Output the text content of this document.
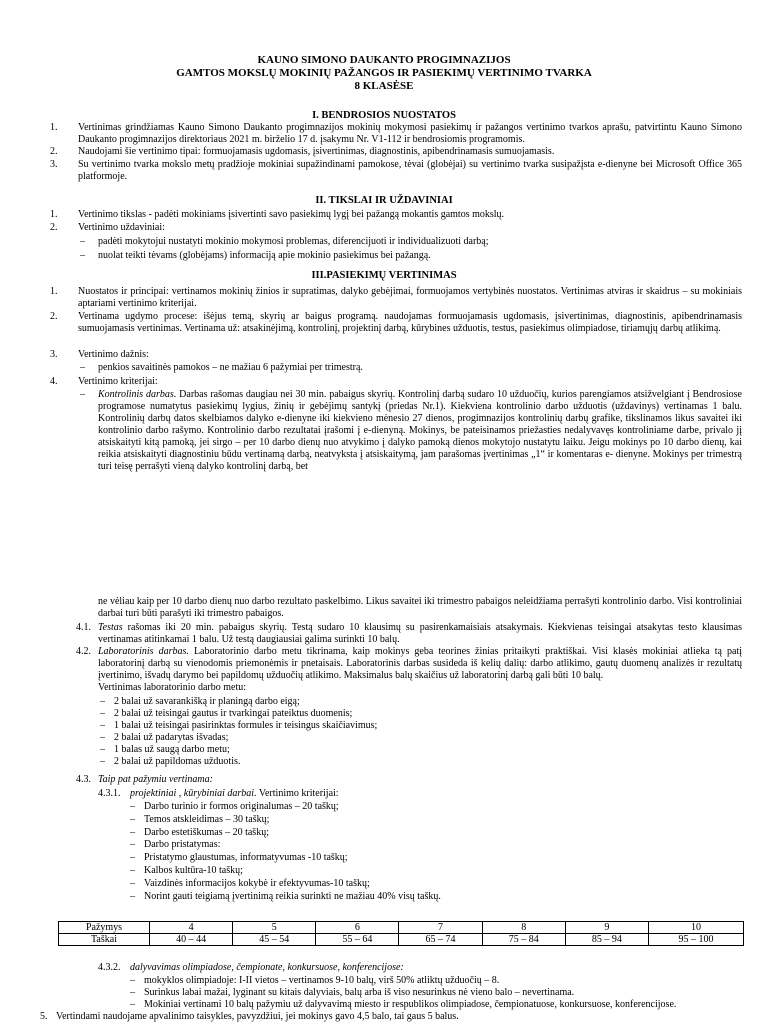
KAUNO SIMONO DAUKANTO PROGIMNAZIJOS
GAMTOS MOKSLŲ MOKINIŲ PAŽANGOS IR PASIEKIMŲ VERTINIMO TVARKA
8 KLASĖSE
I. BENDROSIOS NUOSTATOS
1.	Vertinimas grindžiamas Kauno Simono Daukanto progimnazijos mokinių mokymosi pasiekimų ir pažangos vertinimo tvarkos aprašu, patvirtintu Kauno Simono Daukanto progimnazijos direktoriaus 2021 m. birželio 17 d. įsakymu Nr. V1-112 ir bendrosiomis programomis.
2.	Naudojami šie vertinimo tipai: formuojamasis ugdomasis, įsivertinimas, diagnostinis, apibendrinamasis sumuojamasis.
3.	Su vertinimo tvarka mokslo metų pradžioje mokiniai supažindinami pamokose, tėvai (globėjai) su vertinimo tvarka susipažįsta e-dienyne bei Microsoft Office 365 platformoje.
II. TIKSLAI IR UŽDAVINIAI
1.	Vertinimo tikslas - padėti mokiniams įsivertinti savo pasiekimų lygį bei pažangą mokantis gamtos mokslų.
2.	Vertinimo uždaviniai:
–	padėti mokytojui nustatyti mokinio mokymosi problemas, diferencijuoti ir individualizuoti darbą;
–	nuolat teikti tėvams (globėjams) informaciją apie mokinio pasiekimus bei pažangą.
III.PASIEKIMŲ VERTINIMAS
1.	Nuostatos ir principai: vertinamos mokinių žinios ir supratimas, dalyko gebėjimai, formuojamos vertybinės nuostatos. Vertinimas atviras ir skaidrus – su mokiniais aptariami vertinimo kriterijai.
2.	Vertinama ugdymo procese: išėjus temą, skyrių ar baigus programą. naudojamas formuojamasis ugdomasis, įsivertinimas, diagnostinis, apibendrinamasis sumuojamasis vertinimas. Vertinama už: atsakinėjimą, kontrolinį, projektinį darbą, kūrybines užduotis, testus, pasiekimus olimpiadose, tiriamųjų darbų atlikimą.
3.	Vertinimo dažnis:
–	penkios savaitinės pamokos – ne mažiau 6 pažymiai per trimestrą.
4.	Vertinimo kriterijai:
–	Kontrolinis darbas. Darbas rašomas daugiau nei 30 min. pabaigus skyrių. Kontrolinį darbą sudaro 10 užduočių, kurios parengiamos atsižvelgiant į Bendrosiose programose numatytus pasiekimų lygius, žinių ir gebėjimų santykį (priedas Nr.1). Kiekviena kontrolinio darbo užduotis (uždavinys) vertinamas 1 balu. Kontrolinių darbų datos skelbiamos dalyko e-dienyne iki kiekvieno mėnesio 27 dienos, progimnazijos kontrolinių darbų grafike, tikslinamos likus savaitei iki kontrolinio darbo rašymo. Kontrolinio darbo rezultatai įrašomi į e-dienyną. Mokinys, be pateisinamos priežasties nedalyvavęs kontroliniame darbe, privalo jį atsiskaityti kitą pamoką, jei sirgo – per 10 darbo dienų nuo atvykimo į dalyko pamoką dienos mokytojo nustatytu laiku. Jeigu mokinys po 10 darbo dienų, kai reikia atsiskaityti diagnostiniu būdu vertinamą darbą, neatvyksta į atsiskaitymą, jam parašomas įvertinimas „1“ ir komentaras e- dienyne. Mokinys per trimestrą turi teisę perrašyti vieną dalyko kontrolinį darbą, bet
ne vėliau kaip per 10 darbo dienų nuo darbo rezultato paskelbimo. Likus savaitei iki trimestro pabaigos neleidžiama perrašyti kontrolinio darbo. Visi kontroliniai darbai turi būti parašyti iki trimestro pabaigos.
4.1. Testas rašomas iki 20 min. pabaigus skyrių. Testą sudaro 10 klausimų su pasirenkamaisiais atsakymais. Kiekvienas teisingai atsakytas testo klausimas vertinamas atitinkamai 1 balu. Už testą daugiausiai galima surinkti 10 balų.
4.2. Laboratorinis darbas. Laboratorinio darbo metu tikrinama, kaip mokinys geba teorines žinias pritaikyti praktiškai. Visi klasės mokiniai atlieka tą patį laboratorinį darbą su vienodomis priemonėmis ir pnetaisais. Laboratorinis darbas susideda iš kelių dalių: darbo atlikimo, gautų duomenų analizės ir rezultatų įvertinimo, išvadų darymo bei papildomų užduočių atlikimo. Maksimalus balų skaičius už laboratorinį darbą gali būti 10 balų.
Vertinimas laboratorinio darbo metu:
– 2 balai už savarankišką ir planingą darbo eigą;
– 2 balai už teisingai gautus ir tvarkingai pateiktus duomenis;
– 1 balai už teisingai pasirinktas formules ir teisingus skaičiavimus;
– 2 balai už padarytas išvadas;
– 1 balas už saugą darbo metu;
– 2 balai už papildomas užduotis.
4.3. Taip pat pažymiu vertinama:
4.3.1. projektiniai , kūrybiniai darbai. Vertinimo kriterijai:
– Darbo turinio ir formos originalumas – 20 taškų;
– Temos atskleidimas – 30 taškų;
– Darbo estetiškumas – 20 taškų;
– Darbo pristatymas:
– Pristatymo glaustumas, informatyvumas -10 taškų;
– Kalbos kultūra-10 taškų;
– Vaizdinės informacijos kokybė ir efektyvumas-10 taškų;
– Norint gauti teigiamą įvertinimą reikia surinkti ne mažiau 40% visų taškų.
Pažymys	4	5	6	7	8	9	10
Taškai	40 – 44	45 – 54	55 – 64	65 – 74	75 – 84	85 – 94	95 – 100
4.3.2. dalyvavimas olimpiadose, čempionate, konkursuose, konferencijose:
– mokyklos olimpiadoje: I-II vietos – vertinamos 9-10 balų, virš 50% atliktų užduočių – 8.
– Surinkus labai mažai, lyginant su kitais dalyviais, balų arba iš viso nesurinkus nė vieno balo – nevertinama.
– Mokiniai vertinami 10 balų pažymiu už dalyvavimą miesto ir respublikos olimpiadose, čempionatuose, konkursuose, konferencijose.
5. Vertindami naudojame apvalinimo taisykles, pavyzdžiui, jei mokinys gavo 4,5 balo, tai gaus 5 balus.
